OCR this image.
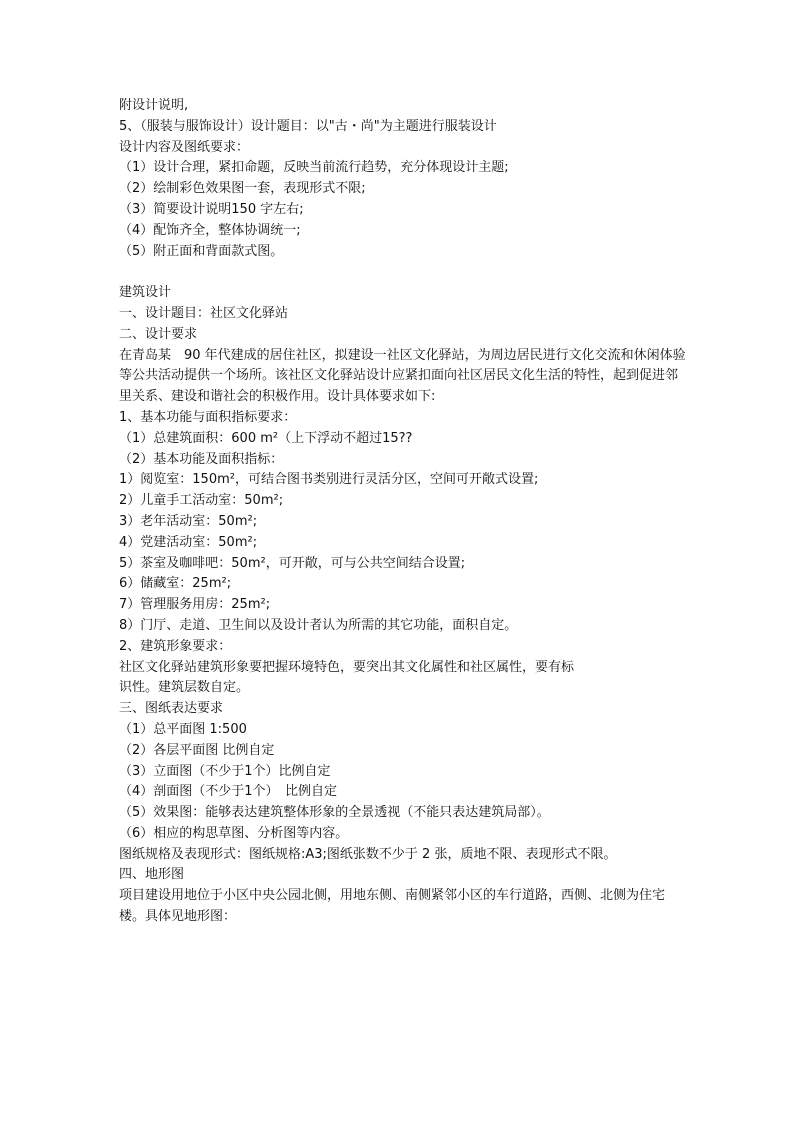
附设计说明,
5、（服装与服饰设计）设计题目：以"古・尚"为主题进行服装设计
设计内容及图纸要求：
（1）设计合理，紧扣命题，反映当前流行趋势，充分体现设计主题;
（2）绘制彩色效果图一套，表现形式不限;
（3）简要设计说明150 字左右;
（4）配饰齐全，整体协调统一;
（5）附正面和背面款式图。
建筑设计
一、设计题目：社区文化驿站
二、设计要求
在青岛某　90 年代建成的居住社区，拟建设一社区文化驿站，为周边居民进行文化交流和休闲体验等公共活动提供一个场所。该社区文化驿站设计应紧扣面向社区居民文化生活的特性，起到促进邻里关系、建设和谐社会的积极作用。设计具体要求如下:
1、基本功能与面积指标要求：
（1）总建筑面积：600 m²（上下浮动不超过15??
（2）基本功能及面积指标：
1）阅览室：150m²，可结合图书类别进行灵活分区，空间可开敞式设置;
2）儿童手工活动室：50m²;
3）老年活动室：50m²;
4）党建活动室：50m²;
5）茶室及咖啡吧：50m²，可开敞，可与公共空间结合设置;
6）储藏室：25m²;
7）管理服务用房：25m²;
8）门厅、走道、卫生间以及设计者认为所需的其它功能，面积自定。
2、建筑形象要求：
社区文化驿站建筑形象要把握环境特色，要突出其文化属性和社区属性，要有标
识性。建筑层数自定。
三、图纸表达要求
（1）总平面图 1:500
（2）各层平面图 比例自定
（3）立面图（不少于1个）比例自定
（4）剖面图（不少于1个）　比例自定
（5）效果图：能够表达建筑整体形象的全景透视（不能只表达建筑局部）。
（6）相应的构思草图、分析图等内容。
图纸规格及表现形式：图纸规格:A3;图纸张数不少于 2 张，质地不限、表现形式不限。
四、地形图
项目建设用地位于小区中央公园北侧，用地东侧、南侧紧邻小区的车行道路，西侧、北侧为住宅楼。具体见地形图：
